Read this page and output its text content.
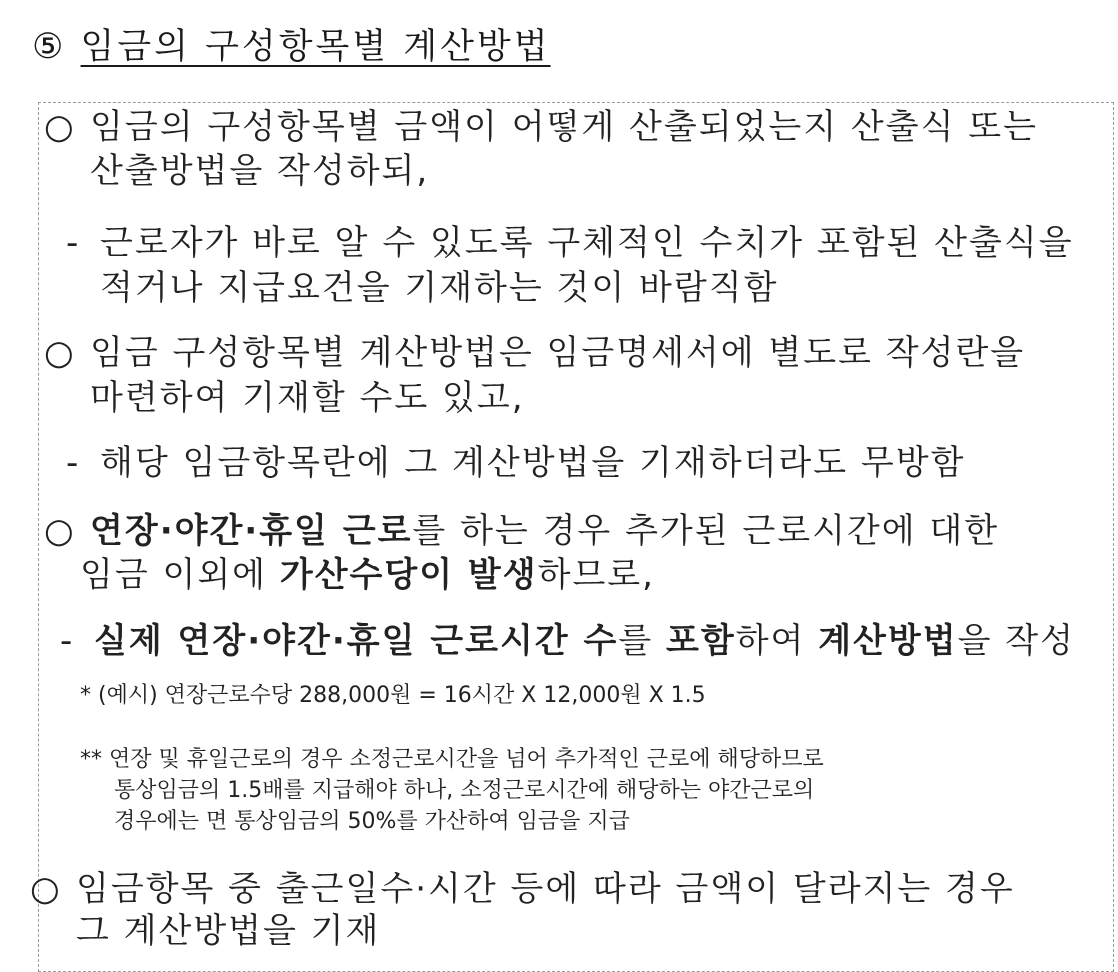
⑤ 임금의 구성항목별 계산방법
○ 임금의 구성항목별 금액이 어떻게 산출되었는지 산출식 또는
산출방법을 작성하되,
- 근로자가 바로 알 수 있도록 구체적인 수치가 포함된 산출식을
적거나 지급요건을 기재하는 것이 바람직함
○ 임금 구성항목별 계산방법은 임금명세서에 별도로 작성란을
마련하여 기재할 수도 있고,
- 해당 임금항목란에 그 계산방법을 기재하더라도 무방함
○ 연장·야간·휴일 근로를 하는 경우 추가된 근로시간에 대한
임금 이외에 가산수당이 발생하므로,
- 실제 연장·야간·휴일 근로시간 수를 포함하여 계산방법을 작성
* (예시) 연장근로수당 288,000원 = 16시간 X 12,000원 X 1.5
** 연장 및 휴일근로의 경우 소정근로시간을 넘어 추가적인 근로에 해당하므로
통상임금의 1.5배를 지급해야 하나, 소정근로시간에 해당하는 야간근로의
경우에는 면 통상임금의 50%를 가산하여 임금을 지급
○ 임금항목 중 출근일수·시간 등에 따라 금액이 달라지는 경우
그 계산방법을 기재
